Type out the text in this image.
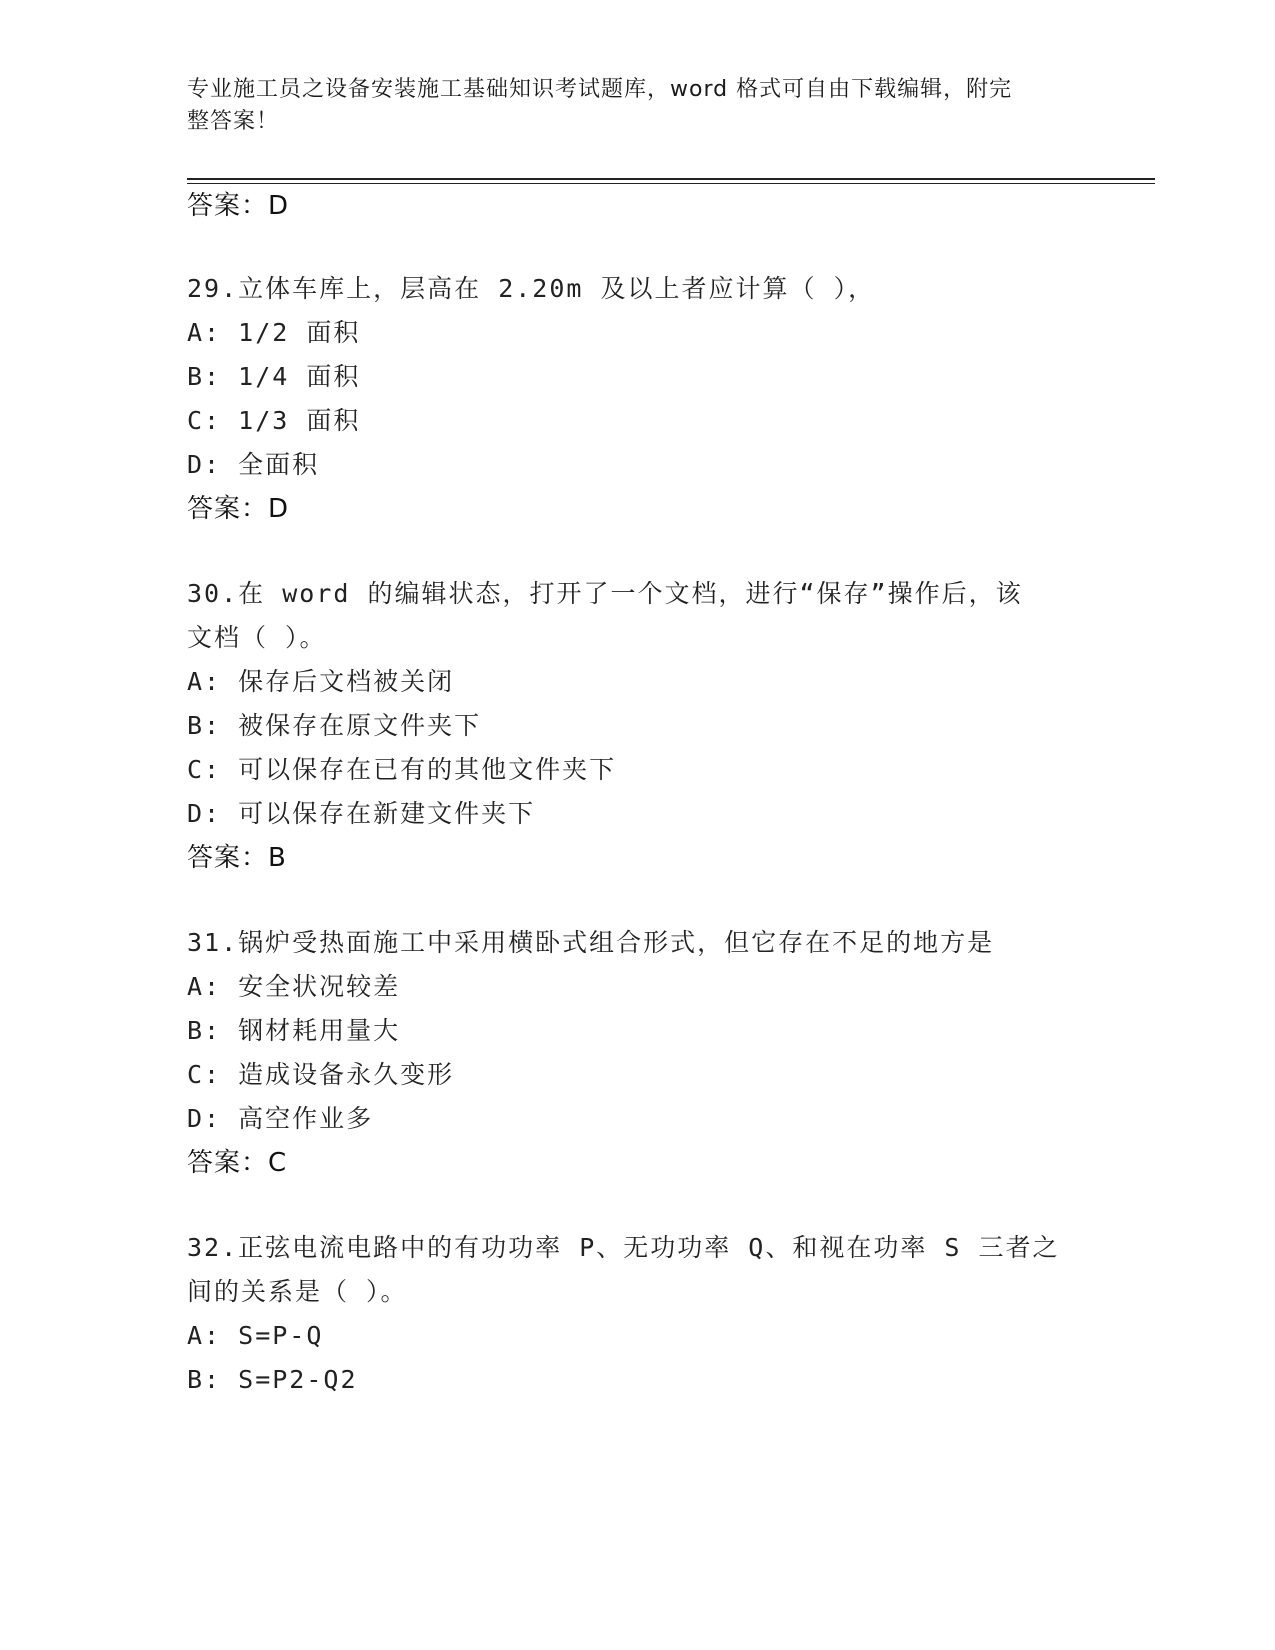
专业施工员之设备安装施工基础知识考试题库，word 格式可自由下载编辑，附完
整答案！
答案：D
29.立体车库上，层高在 2.20m 及以上者应计算（ ），
A: 1/2 面积
B: 1/4 面积
C: 1/3 面积
D: 全面积
答案：D
30.在 word 的编辑状态，打开了一个文档，进行“保存”操作后，该
文档（ ）。
A: 保存后文档被关闭
B: 被保存在原文件夹下
C: 可以保存在已有的其他文件夹下
D: 可以保存在新建文件夹下
答案：B
31.锅炉受热面施工中采用横卧式组合形式，但它存在不足的地方是
A: 安全状况较差
B: 钢材耗用量大
C: 造成设备永久变形
D: 高空作业多
答案：C
32.正弦电流电路中的有功功率 P、无功功率 Q、和视在功率 S 三者之
间的关系是（ ）。
A: S=P-Q
B: S=P2-Q2
